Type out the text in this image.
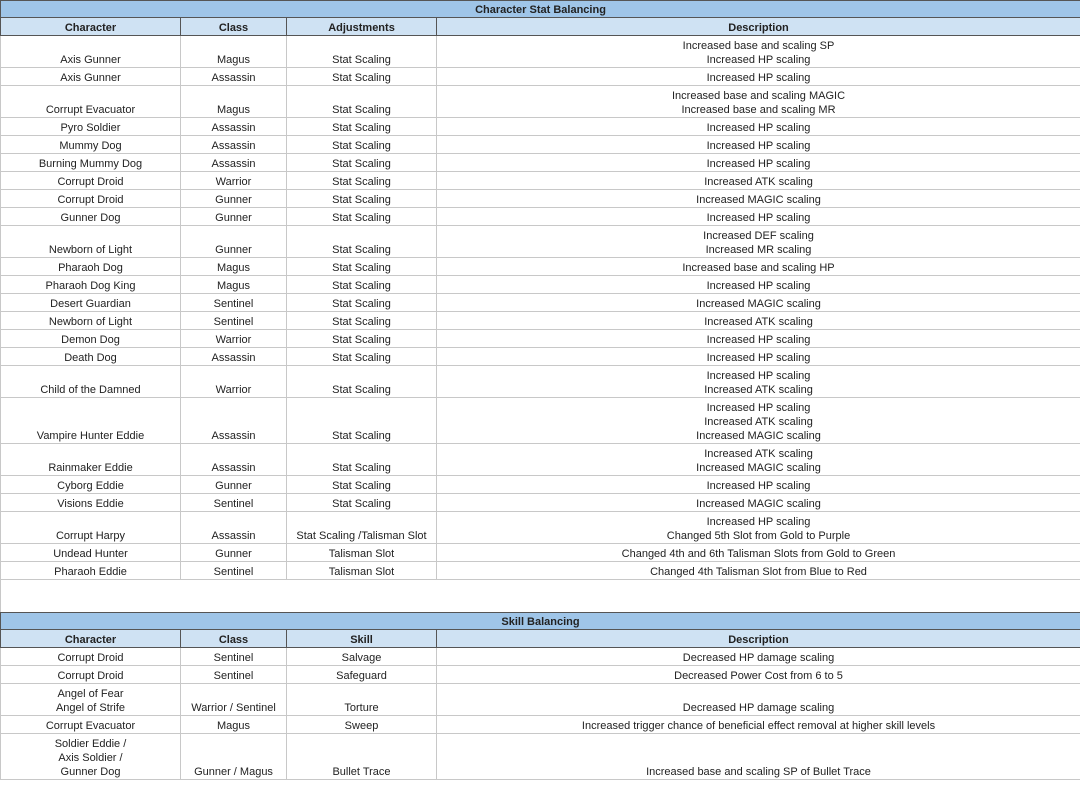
Character Stat Balancing			
Character	Class	Adjustments	Description

Axis Gunner	Magus	Stat Scaling	Increased base and scaling SP
Increased HP scaling

Axis Gunner	Assassin	Stat Scaling	Increased HP scaling

Corrupt Evacuator	Magus	Stat Scaling	Increased base and scaling MAGIC
Increased base and scaling MR

Pyro Soldier	Assassin	Stat Scaling	Increased HP scaling

Mummy Dog	Assassin	Stat Scaling	Increased HP scaling

Burning Mummy Dog	Assassin	Stat Scaling	Increased HP scaling

Corrupt Droid	Warrior	Stat Scaling	Increased ATK scaling

Corrupt Droid	Gunner	Stat Scaling	Increased MAGIC scaling

Gunner Dog	Gunner	Stat Scaling	Increased HP scaling

Newborn of Light	Gunner	Stat Scaling	Increased DEF scaling
Increased MR scaling

Pharaoh Dog	Magus	Stat Scaling	Increased base and scaling HP

Pharaoh Dog King	Magus	Stat Scaling	Increased HP scaling

Desert Guardian	Sentinel	Stat Scaling	Increased MAGIC scaling

Newborn of Light	Sentinel	Stat Scaling	Increased ATK scaling

Demon Dog	Warrior	Stat Scaling	Increased HP scaling

Death Dog	Assassin	Stat Scaling	Increased HP scaling

Child of the Damned	Warrior	Stat Scaling	Increased HP scaling
Increased ATK scaling

Vampire Hunter Eddie	Assassin	Stat Scaling	Increased HP scaling
Increased ATK scaling
Increased MAGIC scaling

Rainmaker Eddie	Assassin	Stat Scaling	Increased ATK scaling
Increased MAGIC scaling

Cyborg Eddie	Gunner	Stat Scaling	Increased HP scaling

Visions Eddie	Sentinel	Stat Scaling	Increased MAGIC scaling

Corrupt Harpy	Assassin	Stat Scaling /Talisman Slot	Increased HP scaling
Changed 5th Slot from Gold to Purple

Undead Hunter	Gunner	Talisman Slot	Changed 4th and 6th Talisman Slots from Gold to Green

Pharaoh Eddie	Sentinel	Talisman Slot	Changed 4th Talisman Slot from Blue to Red

Skill Balancing			
Character	Class	Skill	Description

Corrupt Droid	Sentinel	Salvage	Decreased HP damage scaling

Corrupt Droid	Sentinel	Safeguard	Decreased Power Cost from 6 to 5

Angel of Fear
Angel of Strife	Warrior / Sentinel	Torture	Decreased HP damage scaling

Corrupt Evacuator	Magus	Sweep	Increased trigger chance of beneficial effect removal at higher skill levels

Soldier Eddie /
Axis Soldier /
Gunner Dog	Gunner / Magus	Bullet Trace	Increased base and scaling SP of Bullet Trace
